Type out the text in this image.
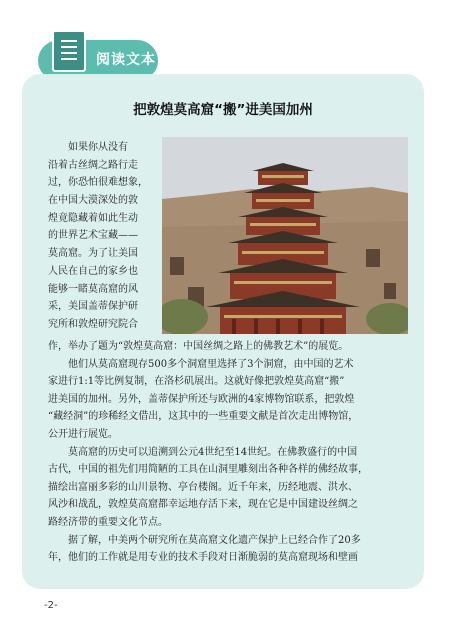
阅读文本
把敦煌莫高窟“搬”进美国加州
如果你从没有
沿着古丝绸之路行走
过，你恐怕很难想象，
在中国大漠深处的敦
煌竟隐藏着如此生动
的世界艺术宝藏——
莫高窟。为了让美国
人民在自己的家乡也
能够一睹莫高窟的风
采，美国盖蒂保护研
究所和敦煌研究院合
作，举办了题为“敦煌莫高窟：中国丝绸之路上的佛教艺术”的展览。
他们从莫高窟现存500多个洞窟里选择了3个洞窟，由中国的艺术
家进行1:1等比例复制，在洛杉矶展出。这就好像把敦煌莫高窟“搬”
进美国的加州。另外，盖蒂保护所还与欧洲的4家博物馆联系，把敦煌
“藏经洞”的珍稀经文借出，这其中的一些重要文献是首次走出博物馆，
公开进行展览。
莫高窟的历史可以追溯到公元4世纪至14世纪。在佛教盛行的中国
古代，中国的祖先们用简陋的工具在山洞里雕刻出各种各样的佛经故事，
描绘出富丽多彩的山川景物、亭台楼阁。近千年来，历经地震、洪水、
风沙和战乱，敦煌莫高窟都幸运地存活下来，现在它是中国建设丝绸之
路经济带的重要文化节点。
据了解，中美两个研究所在莫高窟文化遗产保护上已经合作了20多
年，他们的工作就是用专业的技术手段对日渐脆弱的莫高窟现场和壁画
-2-
